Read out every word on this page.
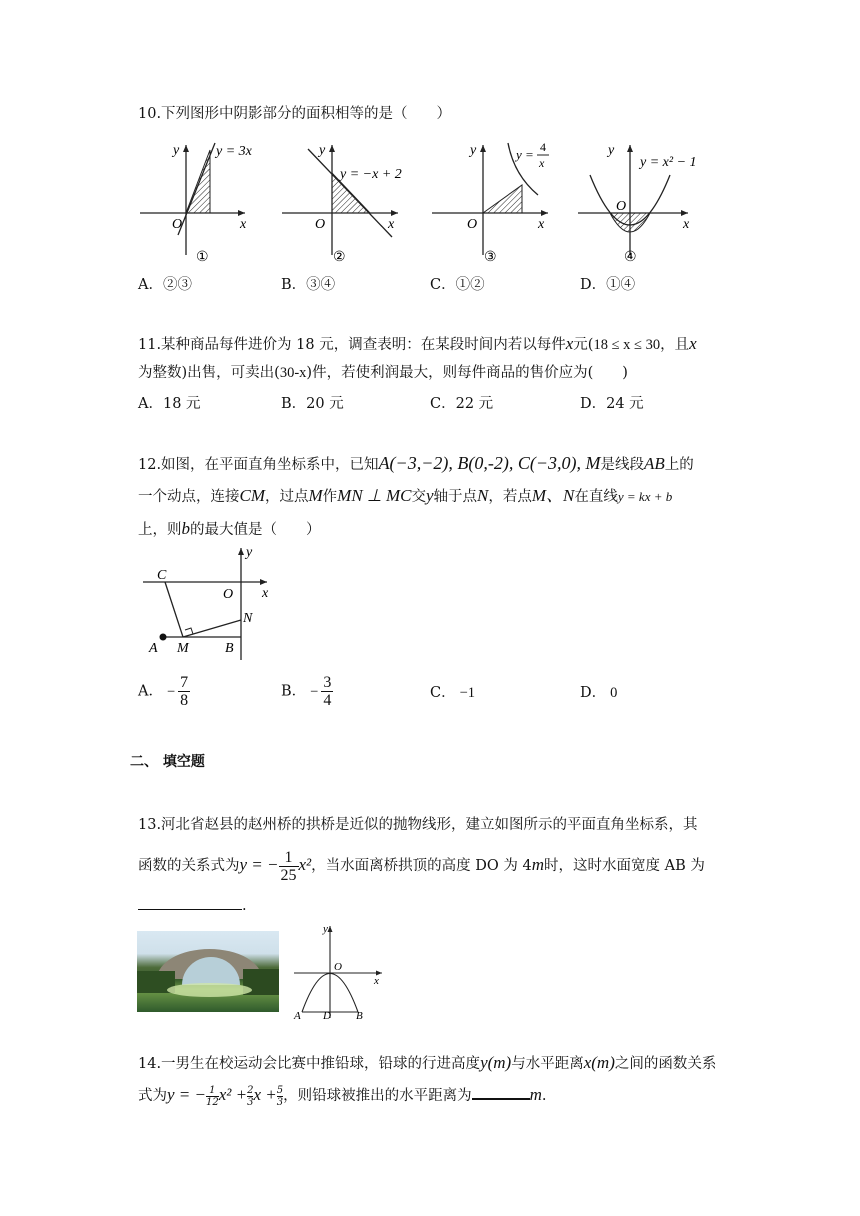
10.下列图形中阴影部分的面积相等的是（　　）
y
x
O
y = 3x
①
y
x
O
y = −x + 2
②
y
x
O
y = 4
x
③
y
x
O
y = x² − 1
④
A．②③	B．③④	C．①②	D．①④
11.某种商品每件进价为 18 元，调查表明：在某段时间内若以每件x元(18 ≤ x ≤ 30，且x
为整数)出售，可卖出(30-x)件，若使利润最大，则每件商品的售价应为(　　)
A．18 元	B．20 元	C．22 元	D．24 元
12.如图，在平面直角坐标系中，已知A(−3,−2), B(0,-2), C(−3,0), M是线段AB上的
一个动点，连接CM，过点M作MN ⊥ MC交y轴于点N，若点M、N在直线y = kx + b
上，则b的最大值是（　　）
y
x
C
O
N
A M	B
A． − $\frac{7}{8}$	B． − $\frac{3}{4}$	C． −1	D． 0
二、 填空题
13.河北省赵县的赵州桥的拱桥是近似的抛物线形，建立如图所示的平面直角坐标系，其
函数的关系式为y = − $\frac{1}{25} x^2$，当水面离桥拱顶的高度 DO 为 4m时，这时水面宽度 AB 为
.
y
x
O
A D B
14.一男生在校运动会比赛中推铅球，铅球的行进高度y(m)与水平距离x(m)之间的函数关系
式为y = − $\frac{1}{12} x^2 + \frac{2}{3}$ $x + \frac{5}{3}$ ，则铅球被推出的水平距离为	m.
